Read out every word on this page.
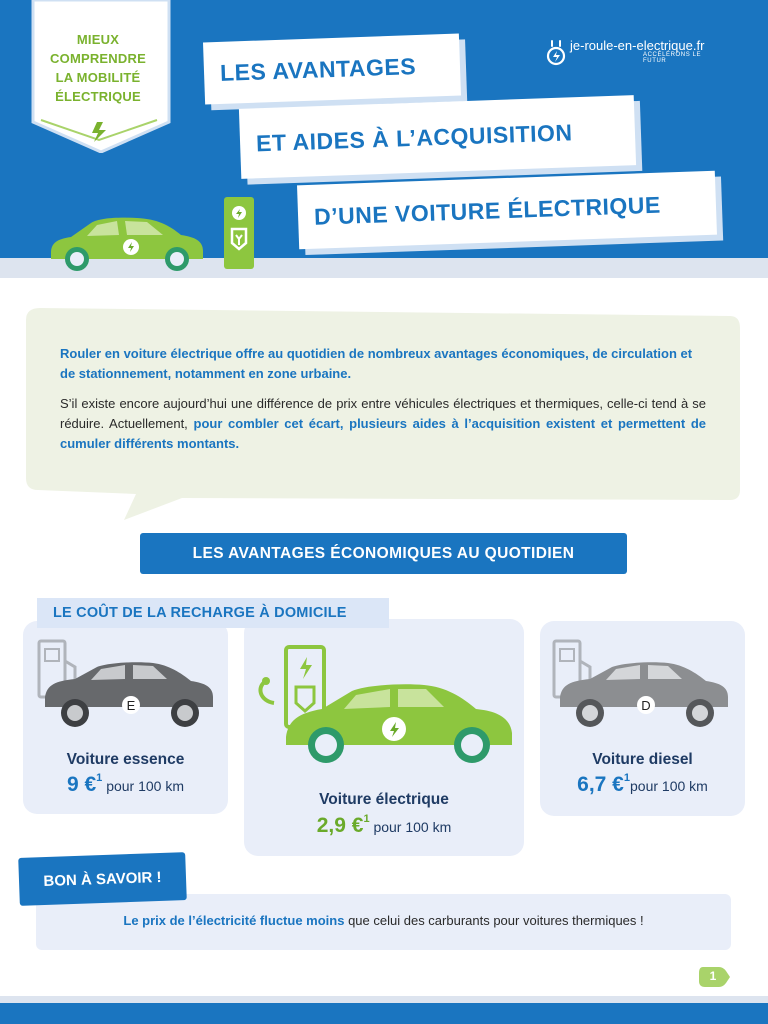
MIEUX
COMPRENDRE
LA MOBILITÉ
ÉLECTRIQUE
LES AVANTAGES
ET AIDES À L’ACQUISITION
D’UNE VOITURE ÉLECTRIQUE
je-roule-en-electrique.fr
ACCÉLÉRONS LE FUTUR
Rouler en voiture électrique offre au quotidien de nombreux avantages économiques, de circulation et de stationnement, notamment en zone urbaine.
S’il existe encore aujourd’hui une différence de prix entre véhicules électriques et thermiques, celle-ci tend à se réduire. Actuellement, pour combler cet écart, plusieurs aides à l’acquisition existent et permettent de cumuler différents montants.
LES AVANTAGES ÉCONOMIQUES AU QUOTIDIEN
LE COÛT DE LA RECHARGE À DOMICILE
E
Voiture essence
9 €$^1$ pour 100 km
Voiture électrique
2,9 €$^1$ pour 100 km
D
Voiture diesel
6,7 €$^1$pour 100 km
Le prix de l’électricité fluctue moins que celui des carburants pour voitures thermiques !
BON À SAVOIR !
1
